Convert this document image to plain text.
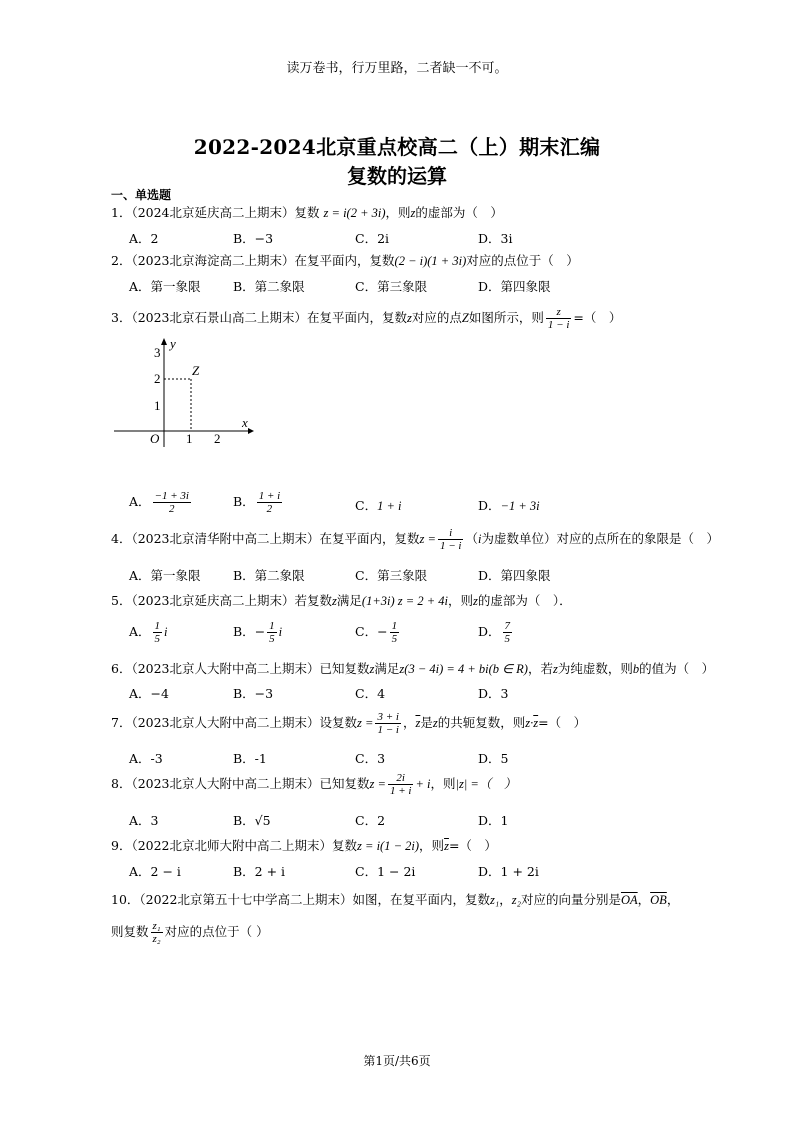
读万卷书，行万里路，二者缺一不可。
2022-2024北京重点校高二（上）期末汇编
复数的运算
一、单选题
1．（2024北京延庆高二上期末）复数 z = i(2 + 3i)，则z的虚部为（　）
A．2	B．−3	C．2i	D．3i
2．（2023北京海淀高二上期末）在复平面内，复数(2 − i)(1 + 3i)对应的点位于（　）
A．第一象限	B．第二象限	C．第三象限	D．第四象限
3．（2023北京石景山高二上期末）在复平面内，复数z对应的点Z如图所示，则 $\frac{z}{1 - i}$ =（　）
x
y
O
Z
1 2
1
2
3
A． $\frac{-1 + 3i}{2}$	B． $\frac{1 + i}{2}$	C．1 + i	D．−1 + 3i
4．（2023北京清华附中高二上期末）在复平面内，复数$z = \frac{i}{1 - i} (i$为虚数单位）对应的点所在的象限是（　）
A．第一象限	B．第二象限	C．第三象限	D．第四象限
5．（2023北京延庆高二上期末）若复数z满足(1+3i) z = 2 + 4i，则z的虚部为（　）．
A． $\frac{1}{5}$ i	B．− $\frac{1}{5}$ i	C．− $\frac{1}{5}$	D． $\frac{7}{5}$
6．（2023北京人大附中高二上期末）已知复数z满足z(3 − 4i) = 4 + bi(b ∈ R)，若z为纯虚数，则b的值为（　）
A．−4	B．−3	C．4	D．3
7．（2023北京人大附中高二上期末）设复数$z = \frac{3 + i}{1 - i}$ ，$\overline{z}$是z的共轭复数，则$z\cdot\overline{z}=$（　）
A．-3	B．-1	C．3	D．5
8．（2023北京人大附中高二上期末）已知复数$z = \frac{2i}{1 + i} + i$，则|z| =（　）
A．3	B．√5	C．2	D．1
9．（2022北京北师大附中高二上期末）复数z = i(1 − 2i)，则$\overline{z}=$（　）
A．2 − i	B．2 + i	C．1 − 2i	D．1 + 2i
10．（2022北京第五十七中学高二上期末）如图，在复平面内，复数z₁，z₂对应的向量分别是$\overline{OA}$，$\overline{OB}$，
则复数 $\frac{\text{z₁}}{\text{z₂}}$ 对应的点位于（ ）
第1页/共6页
